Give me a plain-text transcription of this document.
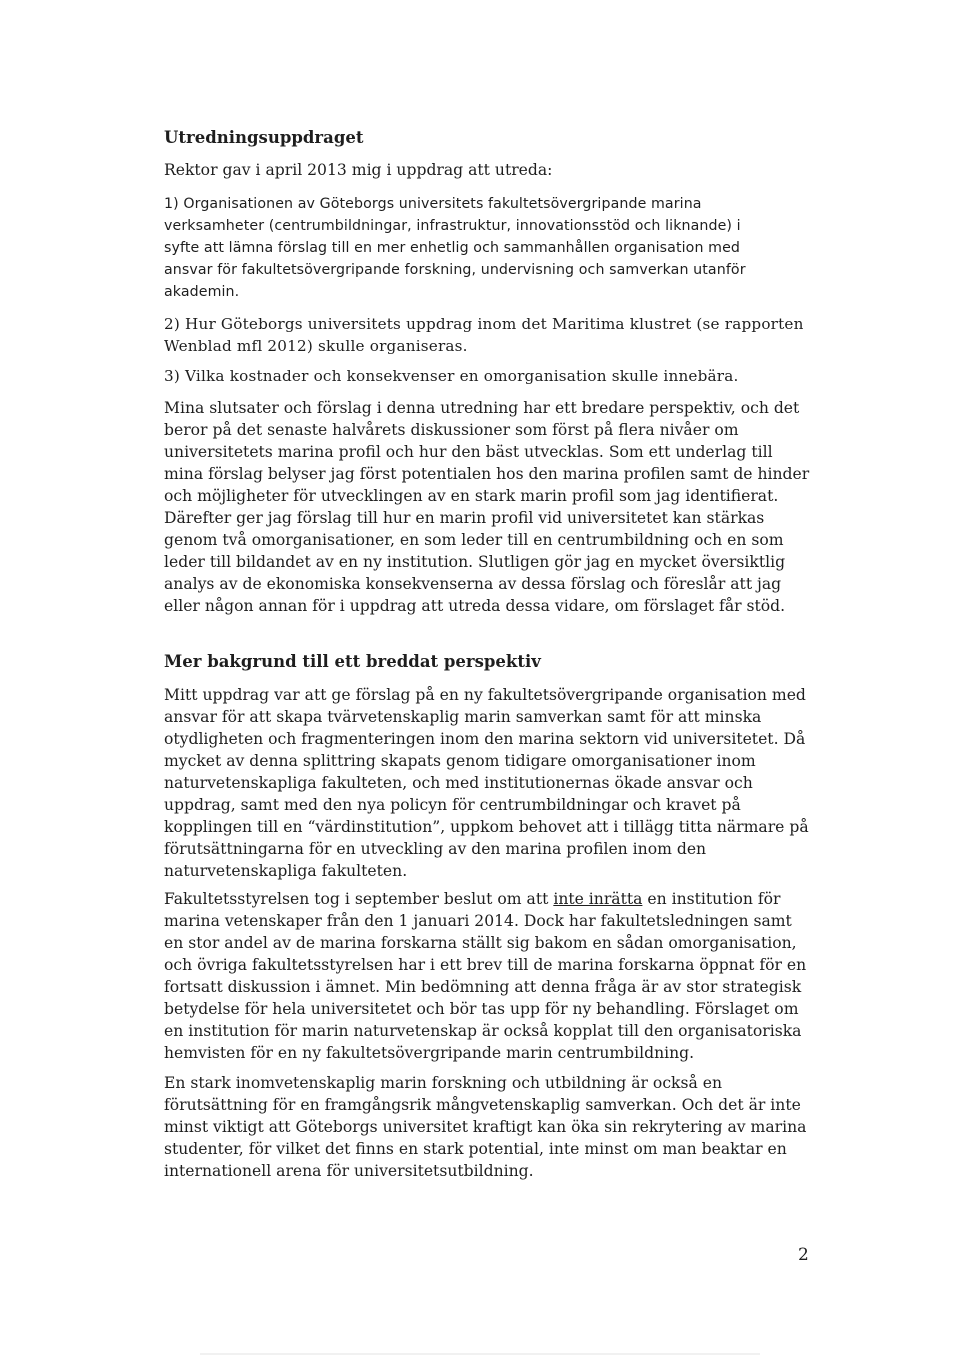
Utredningsuppdraget

Rektor gav i april 2013 mig i uppdrag att utreda:

1) Organisationen av Göteborgs universitets fakultetsövergripande marina
verksamheter (centrumbildningar, infrastruktur, innovationsstöd och liknande) i
syfte att lämna förslag till en mer enhetlig och sammanhållen organisation med
ansvar för fakultetsövergripande forskning, undervisning och samverkan utanför
akademin.

2) Hur Göteborgs universitets uppdrag inom det Maritima klustret (se rapporten
Wenblad mfl 2012) skulle organiseras.

3) Vilka kostnader och konsekvenser en omorganisation skulle innebära.

Mina slutsater och förslag i denna utredning har ett bredare perspektiv, och det
beror på det senaste halvårets diskussioner som först på flera nivåer om
universitetets marina profil och hur den bäst utvecklas. Som ett underlag till
mina förslag belyser jag först potentialen hos den marina profilen samt de hinder
och möjligheter för utvecklingen av en stark marin profil som jag identifierat.
Därefter ger jag förslag till hur en marin profil vid universitetet kan stärkas
genom två omorganisationer, en som leder till en centrumbildning och en som
leder till bildandet av en ny institution. Slutligen gör jag en mycket översiktlig
analys av de ekonomiska konsekvenserna av dessa förslag och föreslår att jag
eller någon annan för i uppdrag att utreda dessa vidare, om förslaget får stöd.

Mer bakgrund till ett breddat perspektiv

Mitt uppdrag var att ge förslag på en ny fakultetsövergripande organisation med
ansvar för att skapa tvärvetenskaplig marin samverkan samt för att minska
otydligheten och fragmenteringen inom den marina sektorn vid universitetet. Då
mycket av denna splittring skapats genom tidigare omorganisationer inom
naturvetenskapliga fakulteten, och med institutionernas ökade ansvar och
uppdrag, samt med den nya policyn för centrumbildningar och kravet på
kopplingen till en “värdinstitution”, uppkom behovet att i tillägg titta närmare på
förutsättningarna för en utveckling av den marina profilen inom den
naturvetenskapliga fakulteten.

Fakultetsstyrelsen tog i september beslut om att inte inrätta en institution för
marina vetenskaper från den 1 januari 2014. Dock har fakultetsledningen samt
en stor andel av de marina forskarna ställt sig bakom en sådan omorganisation,
och övriga fakultetsstyrelsen har i ett brev till de marina forskarna öppnat för en
fortsatt diskussion i ämnet. Min bedömning att denna fråga är av stor strategisk
betydelse för hela universitetet och bör tas upp för ny behandling. Förslaget om
en institution för marin naturvetenskap är också kopplat till den organisatoriska
hemvisten för en ny fakultetsövergripande marin centrumbildning.

En stark inomvetenskaplig marin forskning och utbildning är också en
förutsättning för en framgångsrik mångvetenskaplig samverkan. Och det är inte
minst viktigt att Göteborgs universitet kraftigt kan öka sin rekrytering av marina
studenter, för vilket det finns en stark potential, inte minst om man beaktar en
internationell arena för universitetsutbildning.

2
